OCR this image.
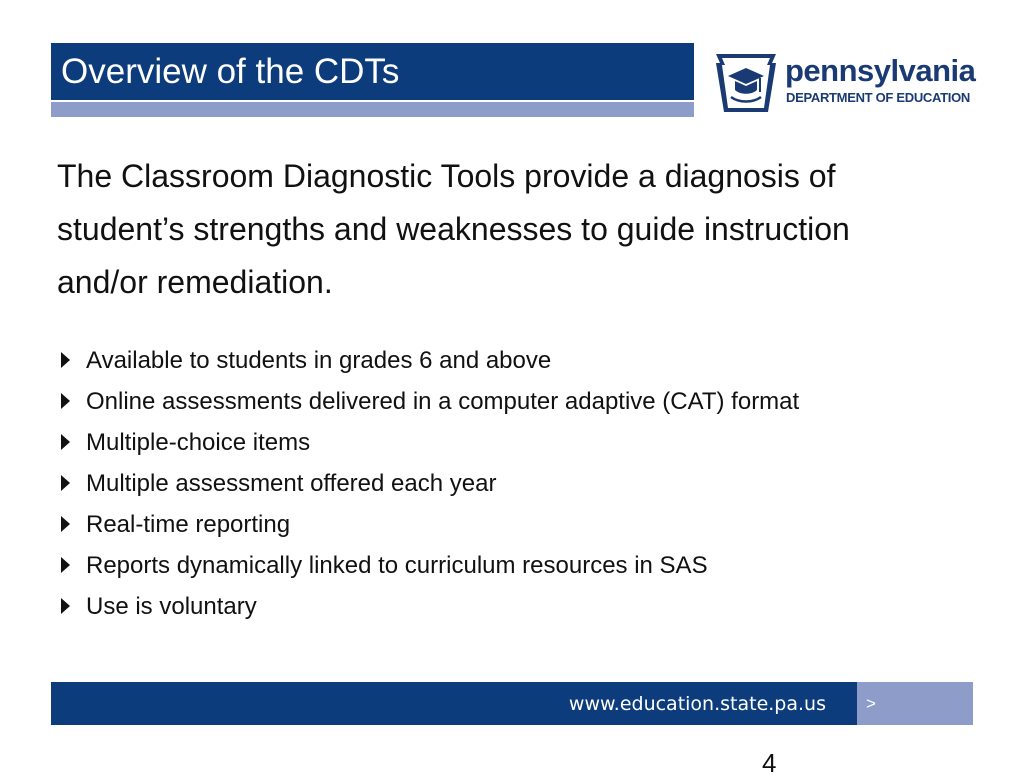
Overview of the CDTs	pennsylvania
DEPARTMENT OF EDUCATION
The Classroom Diagnostic Tools provide a diagnosis of student’s strengths and weaknesses to guide instruction and/or remediation.
Available to students in grades 6 and above
Online assessments delivered in a computer adaptive (CAT) format
Multiple-choice items
Multiple assessment offered each year
Real-time reporting
Reports dynamically linked to curriculum resources in SAS
Use is voluntary
www.education.state.pa.us >
4
